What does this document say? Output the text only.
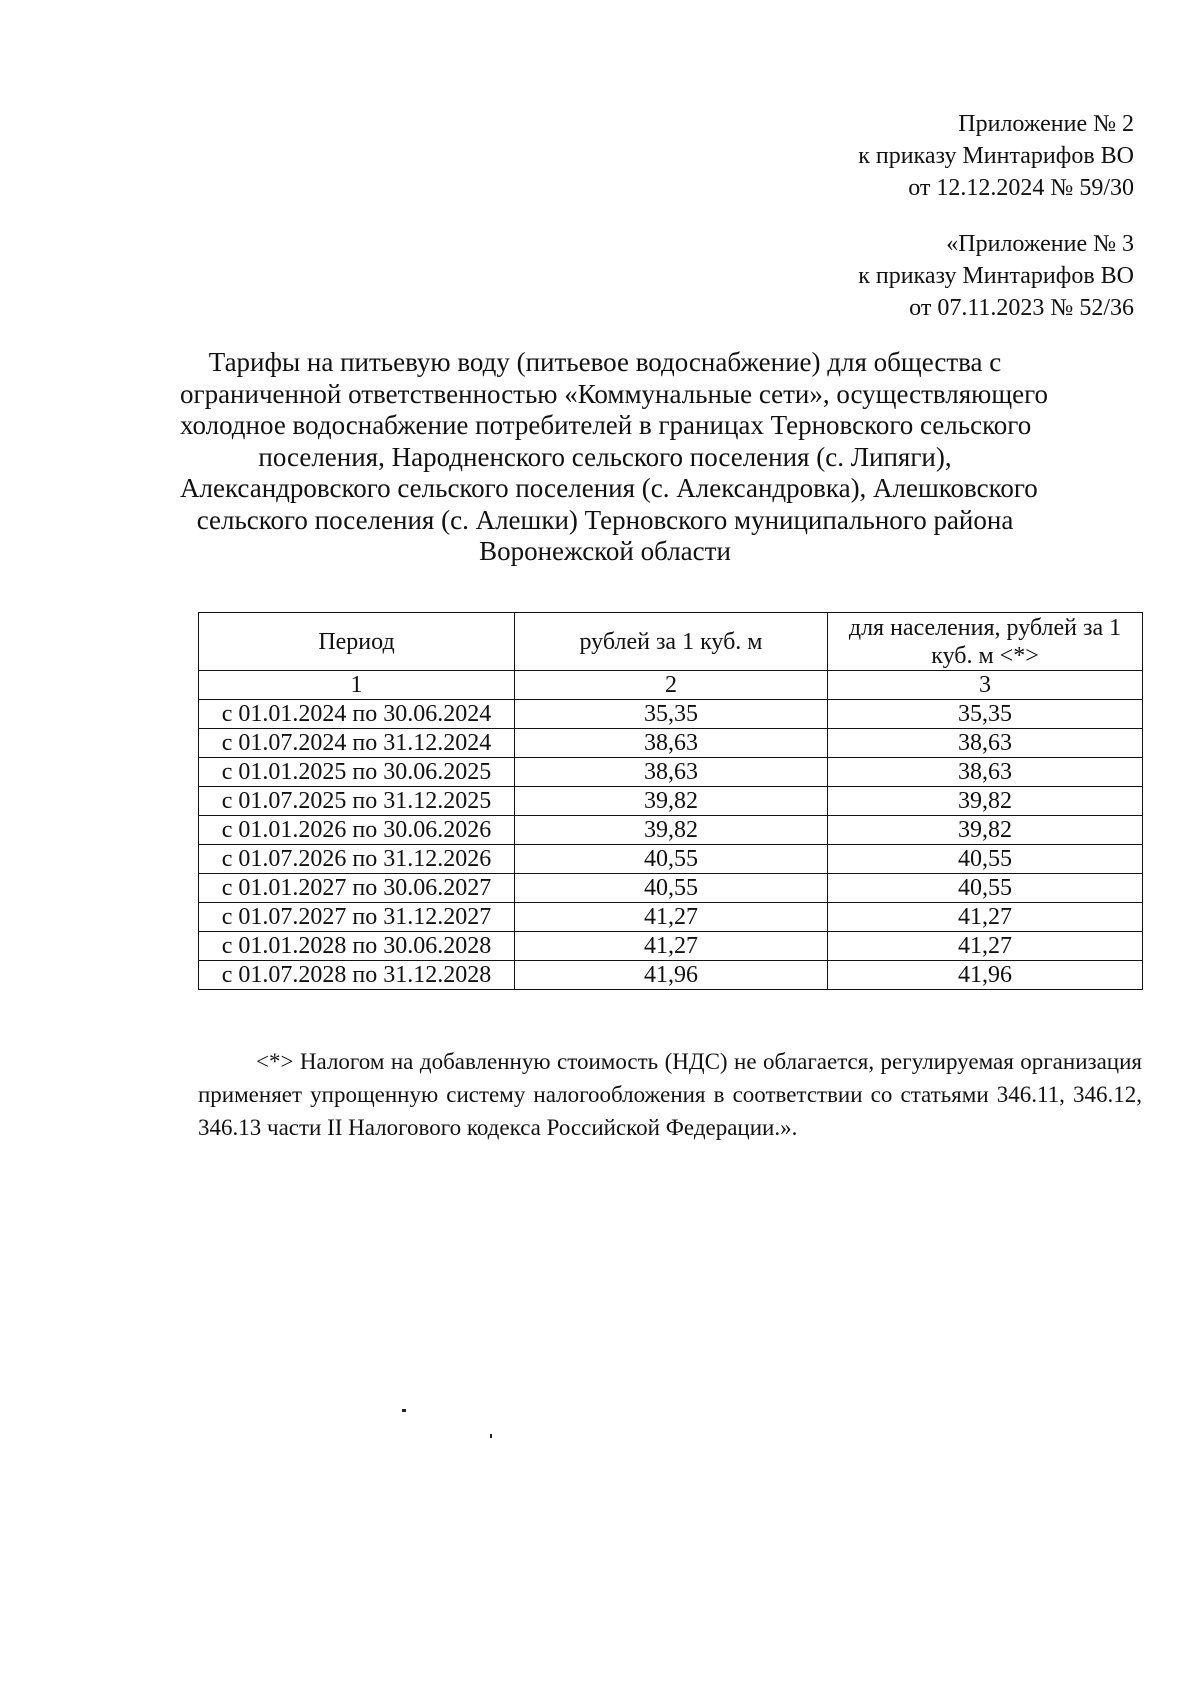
Приложение № 2
к приказу Минтарифов ВО
от 12.12.2024 № 59/30
«Приложение № 3
к приказу Минтарифов ВО
от 07.11.2023 № 52/36
Тарифы на питьевую воду (питьевое водоснабжение) для общества с
ограниченной ответственностью «Коммунальные сети», осуществляющего
холодное водоснабжение потребителей в границах Терновского сельского
поселения, Народненского сельского поселения (с. Липяги),
Александровского сельского поселения (с. Александровка), Алешковского
сельского поселения (с. Алешки) Терновского муниципального района
Воронежской области
Период	рублей за 1 куб. м	для населения, рублей за 1
куб. м <*>

1	2	3
с 01.01.2024 по 30.06.2024	35,35	35,35
с 01.07.2024 по 31.12.2024	38,63	38,63
с 01.01.2025 по 30.06.2025	38,63	38,63
с 01.07.2025 по 31.12.2025	39,82	39,82
с 01.01.2026 по 30.06.2026	39,82	39,82
с 01.07.2026 по 31.12.2026	40,55	40,55
с 01.01.2027 по 30.06.2027	40,55	40,55
с 01.07.2027 по 31.12.2027	41,27	41,27
с 01.01.2028 по 30.06.2028	41,27	41,27
с 01.07.2028 по 31.12.2028	41,96	41,96

<*> Налогом на добавленную стоимость (НДС) не облагается, регулируемая организация применяет упрощенную систему налогообложения в соответствии со статьями 346.11, 346.12, 346.13 части II Налогового кодекса Российской Федерации.».
